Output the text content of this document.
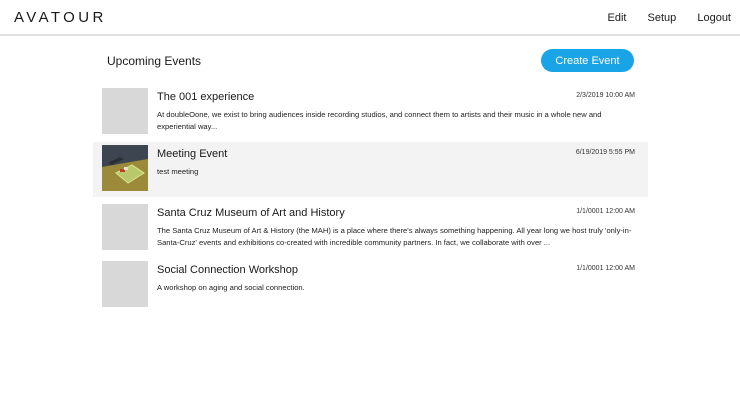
AVATOUR	Edit Setup Logout
Upcoming Events	Create Event
The 001 experience	2/3/2019 10:00 AM
At doubleOone, we exist to bring audiences inside recording studios, and connect them to artists and their music in a whole new and experiential way...
Meeting Event	6/19/2019 5:55 PM
test meeting
Santa Cruz Museum of Art and History	1/1/0001 12:00 AM
The Santa Cruz Museum of Art & History (the MAH) is a place where there's always something happening. All year long we host truly 'only-in-Santa-Cruz' events and exhibitions co-created with incredible community partners. In fact, we collaborate with over ...
Social Connection Workshop	1/1/0001 12:00 AM
A workshop on aging and social connection.
